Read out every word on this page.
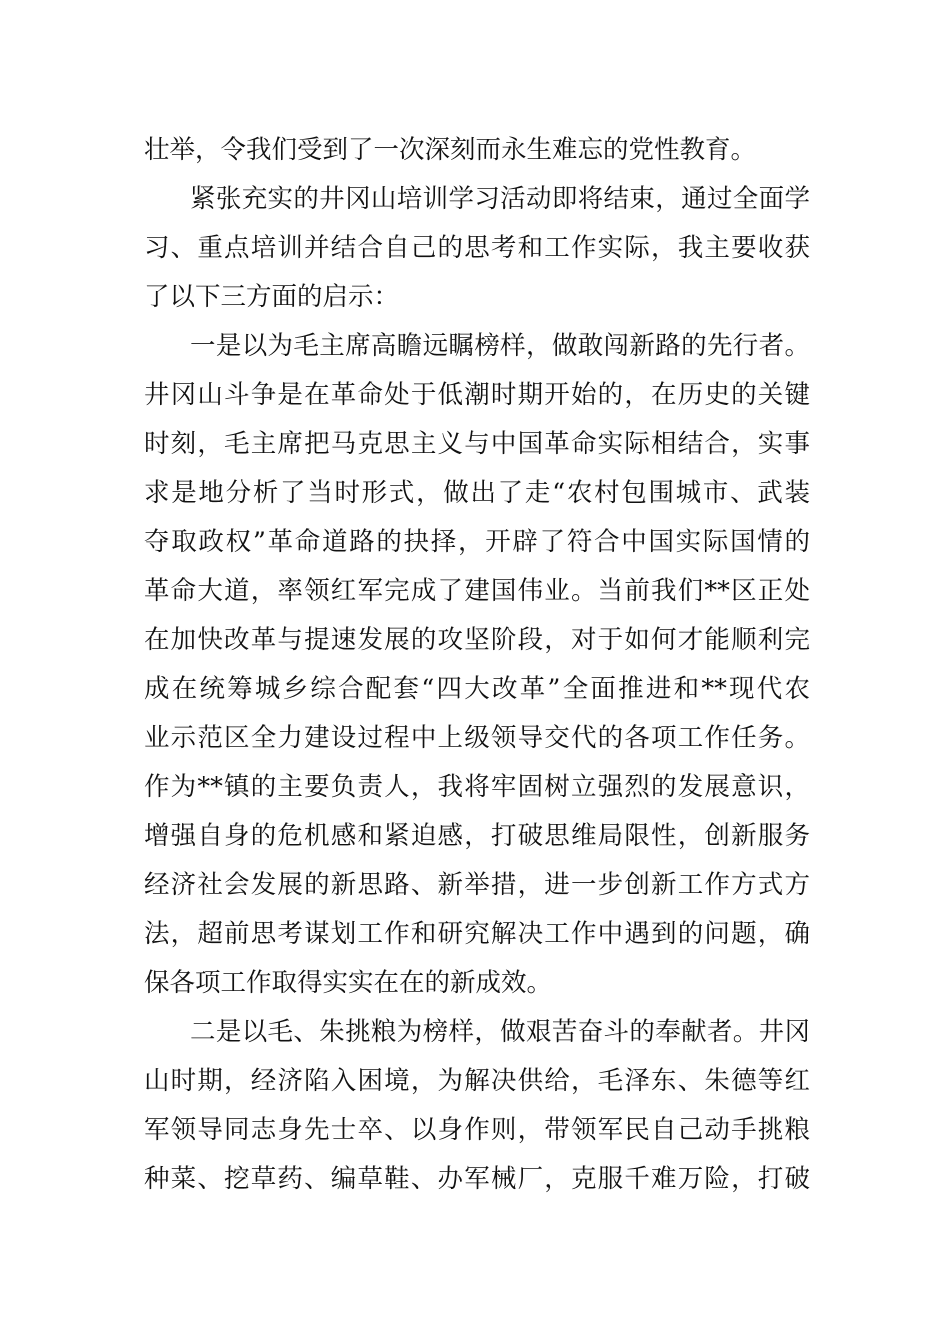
壮举，令我们受到了一次深刻而永生难忘的党性教育。
紧张充实的井冈山培训学习活动即将结束，通过全面学
习、重点培训并结合自己的思考和工作实际，我主要收获
了以下三方面的启示：
一是以为毛主席高瞻远瞩榜样，做敢闯新路的先行者。
井冈山斗争是在革命处于低潮时期开始的，在历史的关键
时刻，毛主席把马克思主义与中国革命实际相结合，实事
求是地分析了当时形式，做出了走“农村包围城市、武装
夺取政权”革命道路的抉择，开辟了符合中国实际国情的
革命大道，率领红军完成了建国伟业。当前我们**区正处
在加快改革与提速发展的攻坚阶段，对于如何才能顺利完
成在统筹城乡综合配套“四大改革”全面推进和**现代农
业示范区全力建设过程中上级领导交代的各项工作任务。
作为**镇的主要负责人，我将牢固树立强烈的发展意识，
增强自身的危机感和紧迫感，打破思维局限性，创新服务
经济社会发展的新思路、新举措，进一步创新工作方式方
法，超前思考谋划工作和研究解决工作中遇到的问题，确
保各项工作取得实实在在的新成效。
二是以毛、朱挑粮为榜样，做艰苦奋斗的奉献者。井冈
山时期，经济陷入困境，为解决供给，毛泽东、朱德等红
军领导同志身先士卒、以身作则，带领军民自己动手挑粮
种菜、挖草药、编草鞋、办军械厂，克服千难万险，打破
